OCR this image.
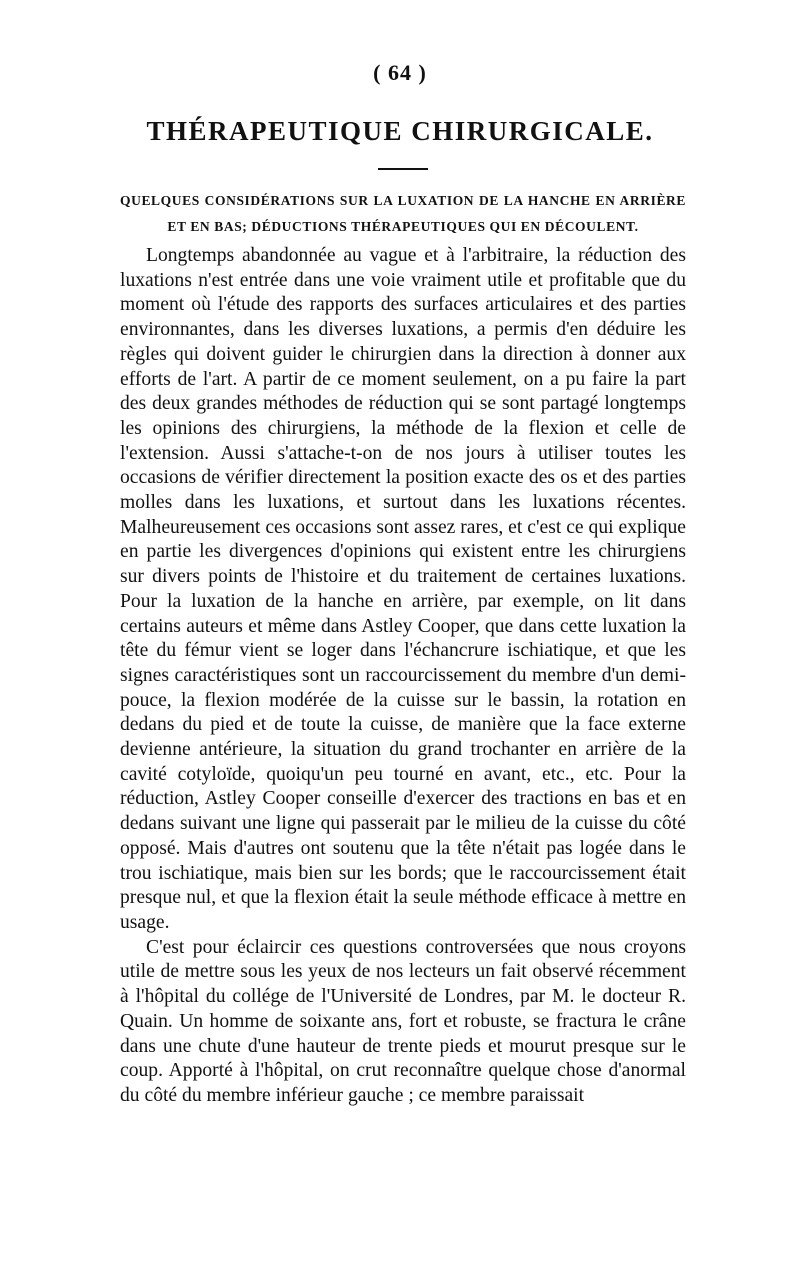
( 64 )
THÉRAPEUTIQUE CHIRURGICALE.
QUELQUES CONSIDÉRATIONS SUR LA LUXATION DE LA HANCHE EN ARRIÈRE ET EN BAS; DÉDUCTIONS THÉRAPEUTIQUES QUI EN DÉCOULENT.

Longtemps abandonnée au vague et à l'arbitraire, la réduction des luxations n'est entrée dans une voie vraiment utile et profitable que du moment où l'étude des rapports des surfaces articulaires et des parties environnantes, dans les diverses luxations, a permis d'en déduire les règles qui doivent guider le chirurgien dans la direction à donner aux efforts de l'art. A partir de ce moment seulement, on a pu faire la part des deux grandes méthodes de réduction qui se sont partagé longtemps les opinions des chirurgiens, la méthode de la flexion et celle de l'extension. Aussi s'attache-t-on de nos jours à utiliser toutes les occasions de vérifier directement la position exacte des os et des parties molles dans les luxations, et surtout dans les luxations récentes. Malheureusement ces occasions sont assez rares, et c'est ce qui explique en partie les divergences d'opinions qui existent entre les chirurgiens sur divers points de l'histoire et du traitement de certaines luxations. Pour la luxation de la hanche en arrière, par exemple, on lit dans certains auteurs et même dans Astley Cooper, que dans cette luxation la tête du fémur vient se loger dans l'échancrure ischiatique, et que les signes caractéristiques sont un raccourcissement du membre d'un demi-pouce, la flexion modérée de la cuisse sur le bassin, la rotation en dedans du pied et de toute la cuisse, de manière que la face externe devienne antérieure, la situation du grand trochanter en arrière de la cavité cotyloïde, quoiqu'un peu tourné en avant, etc., etc. Pour la réduction, Astley Cooper conseille d'exercer des tractions en bas et en dedans suivant une ligne qui passerait par le milieu de la cuisse du côté opposé. Mais d'autres ont soutenu que la tête n'était pas logée dans le trou ischiatique, mais bien sur les bords; que le raccourcissement était presque nul, et que la flexion était la seule méthode efficace à mettre en usage.

C'est pour éclaircir ces questions controversées que nous croyons utile de mettre sous les yeux de nos lecteurs un fait observé récemment à l'hôpital du collége de l'Université de Londres, par M. le docteur R. Quain. Un homme de soixante ans, fort et robuste, se fractura le crâne dans une chute d'une hauteur de trente pieds et mourut presque sur le coup. Apporté à l'hôpital, on crut reconnaître quelque chose d'anormal du côté du membre inférieur gauche ; ce membre paraissait
